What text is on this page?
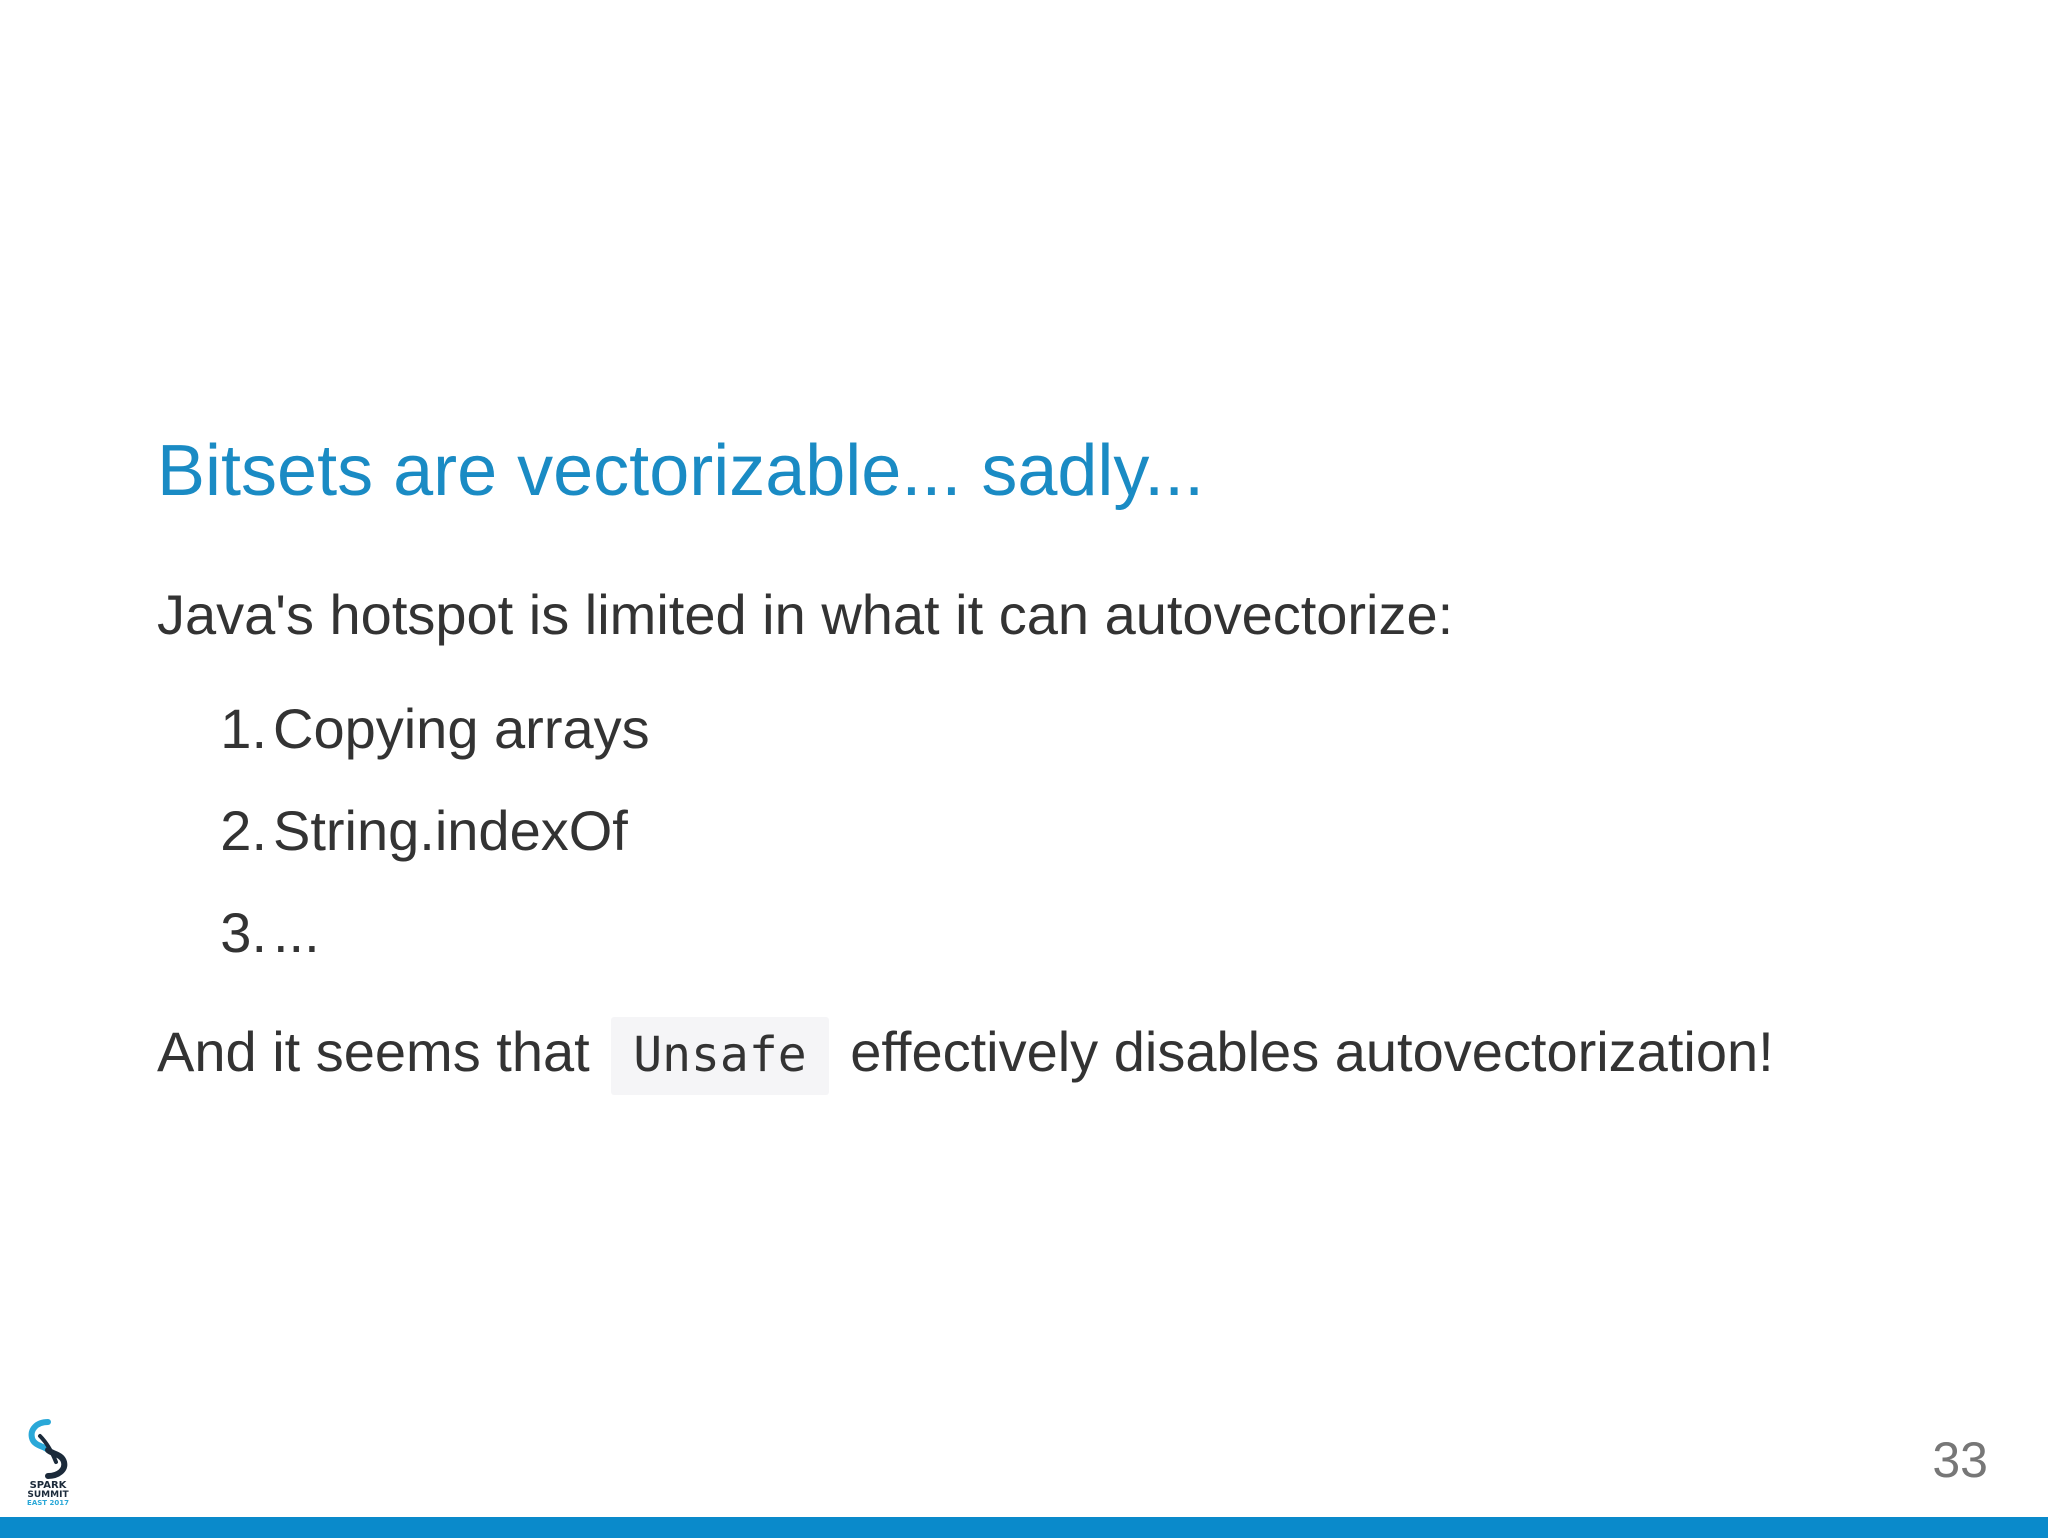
Bitsets are vectorizable... sadly...

Java's hotspot is limited in what it can autovectorize:

1. Copying arrays
2. String.indexOf
3. ...

And it seems that Unsafe effectively disables autovectorization!

SPARK
SUMMIT
EAST 2017
33
